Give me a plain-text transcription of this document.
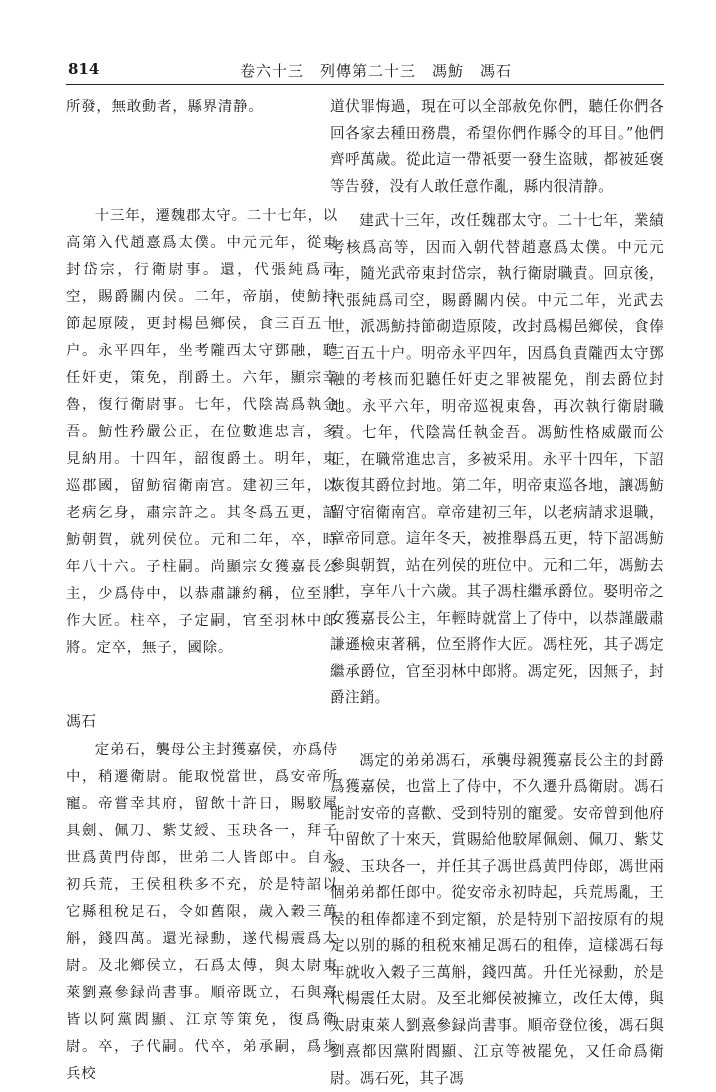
814	卷六十三　列傳第二十三　馮魴　馮石

所發，無敢動者，縣界清静。

十三年，遷魏郡太守。二十七年，以高第入代趙憙爲太僕。中元元年，從東封岱宗，行衛尉事。還，代張純爲司空，賜爵關内侯。二年，帝崩，使魴持節起原陵，更封楊邑鄉侯，食三百五十户。永平四年，坐考隴西太守鄧融，聽任奸吏，策免，削爵土。六年，顯宗幸魯，復行衛尉事。七年，代陰嵩爲執金吾。魴性矜嚴公正，在位數進忠言，多見納用。十四年，韶復爵土。明年，東巡郡國，留魴宿衛南宫。建初三年，以老病乞身，肅宗許之。其冬爲五更，詔魴朝賀，就列侯位。元和二年，卒，時年八十六。子柱嗣。尚顯宗女獲嘉長公主，少爲侍中，以恭肅謙約稱，位至將作大匠。柱卒，子定嗣，官至羽林中郎將。定卒，無子，國除。

馮石

定弟石，襲母公主封獲嘉侯，亦爲侍中，稍遷衛尉。能取悦當世，爲安帝所寵。帝嘗幸其府，留飲十許日，賜駮犀具劍、佩刀、紫艾綬、玉玦各一，拜子世爲黄門侍郎，世弟二人皆郎中。自永初兵荒，王侯租秩多不充，於是特詔以它縣租稅足石，令如舊限，歲入穀三萬斛，錢四萬。還光禄勳，遂代楊震爲太尉。及北鄉侯立，石爲太傅，與太尉東萊劉熹參録尚書事。順帝既立，石與熹皆以阿黨閻顯、江京等策免，復爲衛尉。卒，子代嗣。代卒，弟承嗣，爲步兵校

道伏罪悔過，現在可以全部赦免你們，聽任你們各回各家去種田務農，希望你們作縣令的耳目。”他們齊呼萬歲。從此這一帶祇要一發生盗賊，都被延褒等告發，没有人敢任意作亂，縣内很清静。

建武十三年，改任魏郡太守。二十七年，業績考核爲高等，因而入朝代替趙憙爲太僕。中元元年，隨光武帝東封岱宗，執行衛尉職責。回京後，代張純爲司空，賜爵關内侯。中元二年，光武去世，派馮魴持節砌造原陵，改封爲楊邑鄉侯，食俸三百五十户。明帝永平四年，因爲負責隴西太守鄧融的考核而犯聽任奸吏之罪被罷免，削去爵位封地。永平六年，明帝巡視東魯，再次執行衛尉職責。七年，代陰嵩任執金吾。馮魴性格威嚴而公正，在職常進忠言，多被采用。永平十四年，下詔恢復其爵位封地。第二年，明帝東巡各地，讓馮魴留守宿衛南宫。章帝建初三年，以老病請求退職，章帝同意。這年冬天，被推舉爲五更，特下詔馮魴參與朝賀，站在列侯的班位中。元和二年，馮魴去世，享年八十六歲。其子馮柱繼承爵位。娶明帝之女獲嘉長公主，年輕時就當上了侍中，以恭謹嚴肅謙遜檢束著稱，位至將作大匠。馮柱死，其子馮定繼承爵位，官至羽林中郎將。馮定死，因無子，封爵注銷。

馮定的弟弟馮石，承襲母親獲嘉長公主的封爵爲獲嘉侯，也當上了侍中，不久遷升爲衛尉。馮石能討安帝的喜歡、受到特别的寵愛。安帝曾到他府中留飲了十來天，賞賜給他駮犀佩劍、佩刀、紫艾綬、玉玦各一，并任其子馮世爲黄門侍郎，馮世兩個弟弟都任郎中。從安帝永初時起，兵荒馬亂，王侯的租俸都達不到定額，於是特别下詔按原有的規定以别的縣的租税來補足馮石的租俸，這樣馮石每年就收入穀子三萬斛，錢四萬。升任光禄勳，於是代楊震任太尉。及至北鄉侯被擁立，改任太傅，與太尉東萊人劉熹參録尚書事。順帝登位後，馮石與劉熹都因黨附閻顯、江京等被罷免，又任命爲衛尉。馮石死，其子馮
